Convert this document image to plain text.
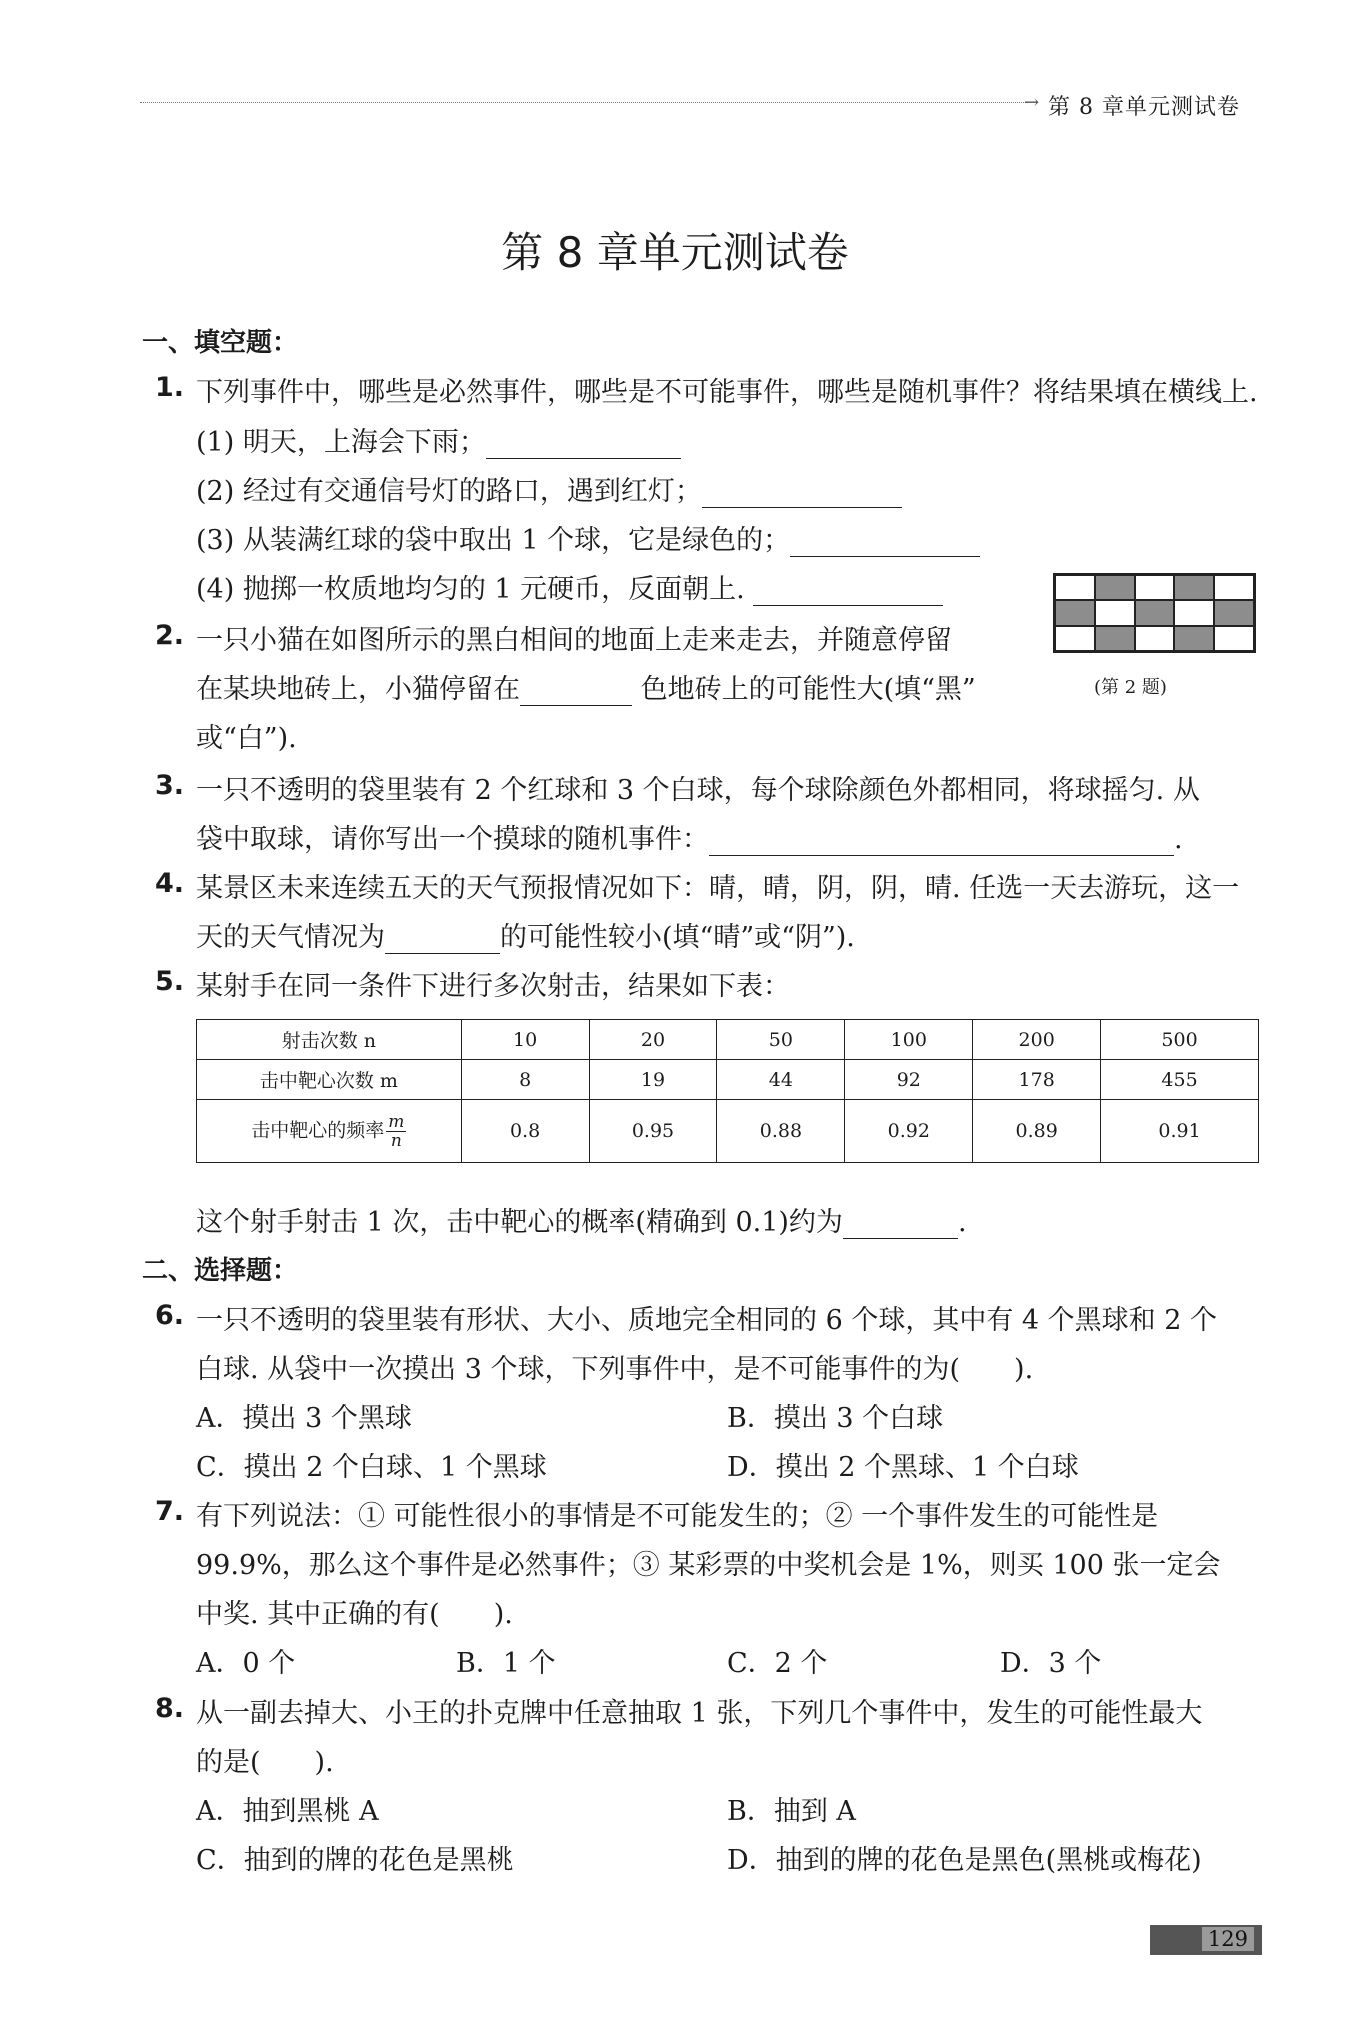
→ 第 8 章单元测试卷
第 8 章单元测试卷
一、填空题：
1. 下列事件中，哪些是必然事件，哪些是不可能事件，哪些是随机事件？将结果填在横线上.
(1) 明天，上海会下雨；
(2) 经过有交通信号灯的路口，遇到红灯；
(3) 从装满红球的袋中取出 1 个球，它是绿色的；
(4) 抛掷一枚质地均匀的 1 元硬币，反面朝上.
(第 2 题)
2. 一只小猫在如图所示的黑白相间的地面上走来走去，并随意停留
在某块地砖上，小猫停留在	色地砖上的可能性大(填“黑”
或“白”).
3. 一只不透明的袋里装有 2 个红球和 3 个白球，每个球除颜色外都相同，将球摇匀. 从
袋中取球，请你写出一个摸球的随机事件：	.
4. 某景区未来连续五天的天气预报情况如下：晴，晴，阴，阴，晴. 任选一天去游玩，这一
天的天气情况为	的可能性较小(填“晴”或“阴”).
5. 某射手在同一条件下进行多次射击，结果如下表：
射击次数 n	10	20	50	100	200	500
击中靶心次数 m	8	19	44	92	178	455
击中靶心的频率 $\frac{m}{n}$	0.8	0.95	0.88	0.92	0.89	0.91
这个射手射击 1 次，击中靶心的概率(精确到 0.1)约为	.
二、选择题：
6. 一只不透明的袋里装有形状、大小、质地完全相同的 6 个球，其中有 4 个黑球和 2 个
白球. 从袋中一次摸出 3 个球，下列事件中，是不可能事件的为(　　).
A．摸出 3 个黑球	B．摸出 3 个白球
C．摸出 2 个白球、1 个黑球	D．摸出 2 个黑球、1 个白球
7. 有下列说法：① 可能性很小的事情是不可能发生的；② 一个事件发生的可能性是
99.9%，那么这个事件是必然事件；③ 某彩票的中奖机会是 1%，则买 100 张一定会
中奖. 其中正确的有(　　).
A．0 个	B．1 个	C．2 个	D．3 个
8. 从一副去掉大、小王的扑克牌中任意抽取 1 张，下列几个事件中，发生的可能性最大
的是(　　).
A．抽到黑桃 A	B．抽到 A
C．抽到的牌的花色是黑桃	D．抽到的牌的花色是黑色(黑桃或梅花)
129
